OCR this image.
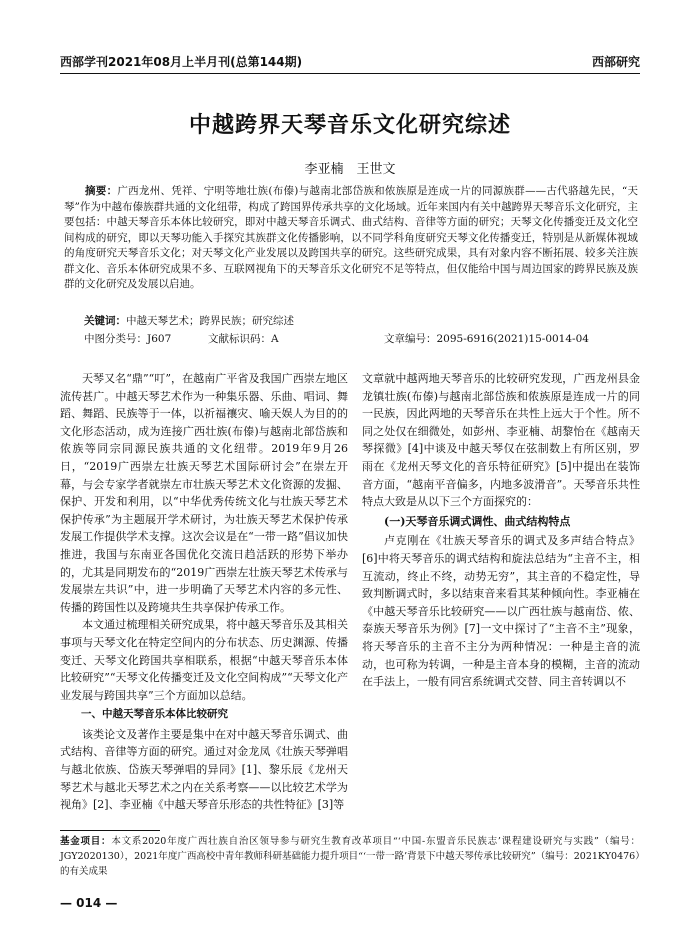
西部学刊2021年08月上半月刊(总第144期)	西部研究
中越跨界天琴音乐文化研究综述
李亚楠　王世文
摘要：广西龙州、凭祥、宁明等地壮族(布傣)与越南北部岱族和侬族原是连成一片的同源族群——古代骆越先民，“天琴”作为中越布傣族群共通的文化纽带，构成了跨国界传承共享的文化场域。近年来国内有关中越跨界天琴音乐文化研究，主要包括：中越天琴音乐本体比较研究，即对中越天琴音乐调式、曲式结构、音律等方面的研究；天琴文化传播变迁及文化空间构成的研究，即以天琴功能入手探究其族群文化传播影响，以不同学科角度研究天琴文化传播变迁，特别是从新媒体视域的角度研究天琴音乐文化；对天琴文化产业发展以及跨国共享的研究。这些研究成果，具有对象内容不断拓展、较多关注族群文化、音乐本体研究成果不多、互联网视角下的天琴音乐文化研究不足等特点，但仅能给中国与周边国家的跨界民族及族群的文化研究及发展以启迪。
关键词：中越天琴艺术；跨界民族；研究综述
中图分类号：J607	文献标识码：A	文章编号：2095-6916(2021)15-0014-04

天琴又名“鼎”“叮”，在越南广平省及我国广西崇左地区流传甚广。中越天琴艺术作为一种集乐器、乐曲、唱词、舞蹈、舞蹈、民族等于一体，以祈福禳灾、喻天娱人为目的的文化形态活动，成为连接广西壮族(布傣)与越南北部岱族和侬族等同宗同源民族共通的文化纽带。2019年9月26日，“2019广西崇左壮族天琴艺术国际研讨会”在崇左开幕，与会专家学者就崇左市壮族天琴艺术文化资源的发掘、保护、开发和利用，以“中华优秀传统文化与壮族天琴艺术保护传承”为主题展开学术研讨，为壮族天琴艺术保护传承发展工作提供学术支撑。这次会议是在“一带一路”倡议加快推进，我国与东南亚各国优化交流日趋活跃的形势下举办的，尤其是同期发布的“2019广西崇左壮族天琴艺术传承与发展崇左共识”中，进一步明确了天琴艺术内容的多元性、传播的跨国性以及跨境共生共享保护传承工作。

本文通过梳理相关研究成果，将中越天琴音乐及其相关事项与天琴文化在特定空间内的分布状态、历史渊源、传播变迁、天琴文化跨国共享相联系，根据“中越天琴音乐本体比较研究”“天琴文化传播变迁及文化空间构成”“天琴文化产业发展与跨国共享”三个方面加以总结。

一、中越天琴音乐本体比较研究

该类论文及著作主要是集中在对中越天琴音乐调式、曲式结构、音律等方面的研究。通过对金龙凤《壮族天琴弹唱与越北依族、岱族天琴弹唱的异同》[1]、黎乐辰《龙州天琴艺术与越北天琴艺术之内在关系考察——以比较艺术学为视角》[2]、李亚楠《中越天琴音乐形态的共性特征》[3]等

文章就中越两地天琴音乐的比较研究发现，广西龙州县金龙镇壮族(布傣)与越南北部岱族和侬族原是连成一片的同一民族，因此两地的天琴音乐在共性上远大于个性。所不同之处仅在细微处，如彭州、李亚楠、胡黎怡在《越南天琴探微》[4]中谈及中越天琴仅在弦制数上有所区别，罗雨在《龙州天琴文化的音乐特征研究》[5]中提出在装饰音方面，“越南平音偏多，内地多波滑音”。天琴音乐共性特点大致是从以下三个方面探究的：

(一)天琴音乐调式调性、曲式结构特点

卢克刚在《壮族天琴音乐的调式及多声结合特点》[6]中将天琴音乐的调式结构和旋法总结为“主音不主，相互流动，终止不终，动势无穷”，其主音的不稳定性，导致判断调式时，多以结束音来看其某种倾向性。李亚楠在《中越天琴音乐比较研究——以广西壮族与越南岱、侬、泰族天琴音乐为例》[7]一文中探讨了“主音不主”现象，将天琴音乐的主音不主分为两种情况：一种是主音的流动，也可称为转调，一种是主音本身的模糊，主音的流动在手法上，一般有同宫系统调式交替、同主音转调以不

基金项目：本文系2020年度广西壮族自治区领导参与研究生教育改革项目“‘中国-东盟音乐民族志’课程建设研究与实践”（编号：JGY2020130），2021年度广西高校中青年教师科研基础能力提升项目“‘一带一路’背景下中越天琴传承比较研究”（编号：2021KY0476）的有关成果
— 014 —
